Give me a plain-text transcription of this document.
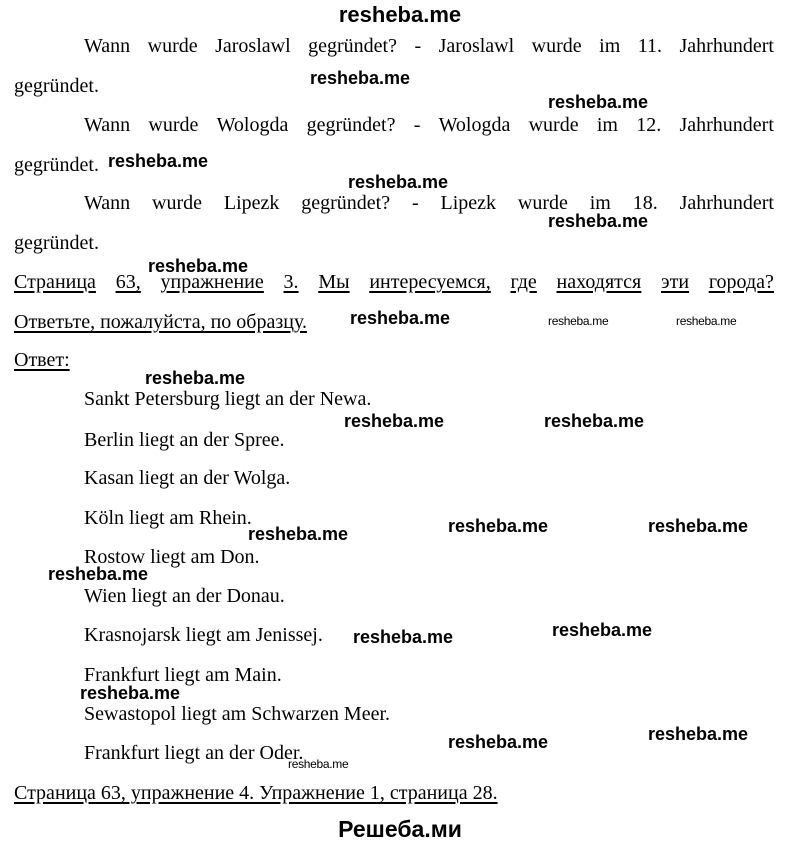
resheba.me
Wann wurde Jaroslawl gegründet? - Jaroslawl wurde im 11. Jahrhundert
gegründet.
Wann wurde Wologda gegründet? - Wologda wurde im 12. Jahrhundert
gegründet.
Wann wurde Lipezk gegründet? - Lipezk wurde im 18. Jahrhundert
gegründet.
Страница 63, упражнение 3. Мы интересуемся, где находятся эти города?
Ответьте, пожалуйста, по образцу.
Ответ:
Sankt Petersburg liegt an der Newa.
Berlin liegt an der Spree.
Kasan liegt an der Wolga.
Köln liegt am Rhein.
Rostow liegt am Don.
Wien liegt an der Donau.
Krasnojarsk liegt am Jenissej.
Frankfurt liegt am Main.
Sewastopol liegt am Schwarzen Meer.
Frankfurt liegt an der Oder.
Страница 63, упражнение 4. Упражнение 1, страница 28.
resheba.me
resheba.me
resheba.me
resheba.me
resheba.me
resheba.me
resheba.me	resheba.me	resheba.me
resheba.me
resheba.me	resheba.me
resheba.me	resheba.me	resheba.me
resheba.me
resheba.me	resheba.me
resheba.me
resheba.me	resheba.me
resheba.me
Решеба.ми
